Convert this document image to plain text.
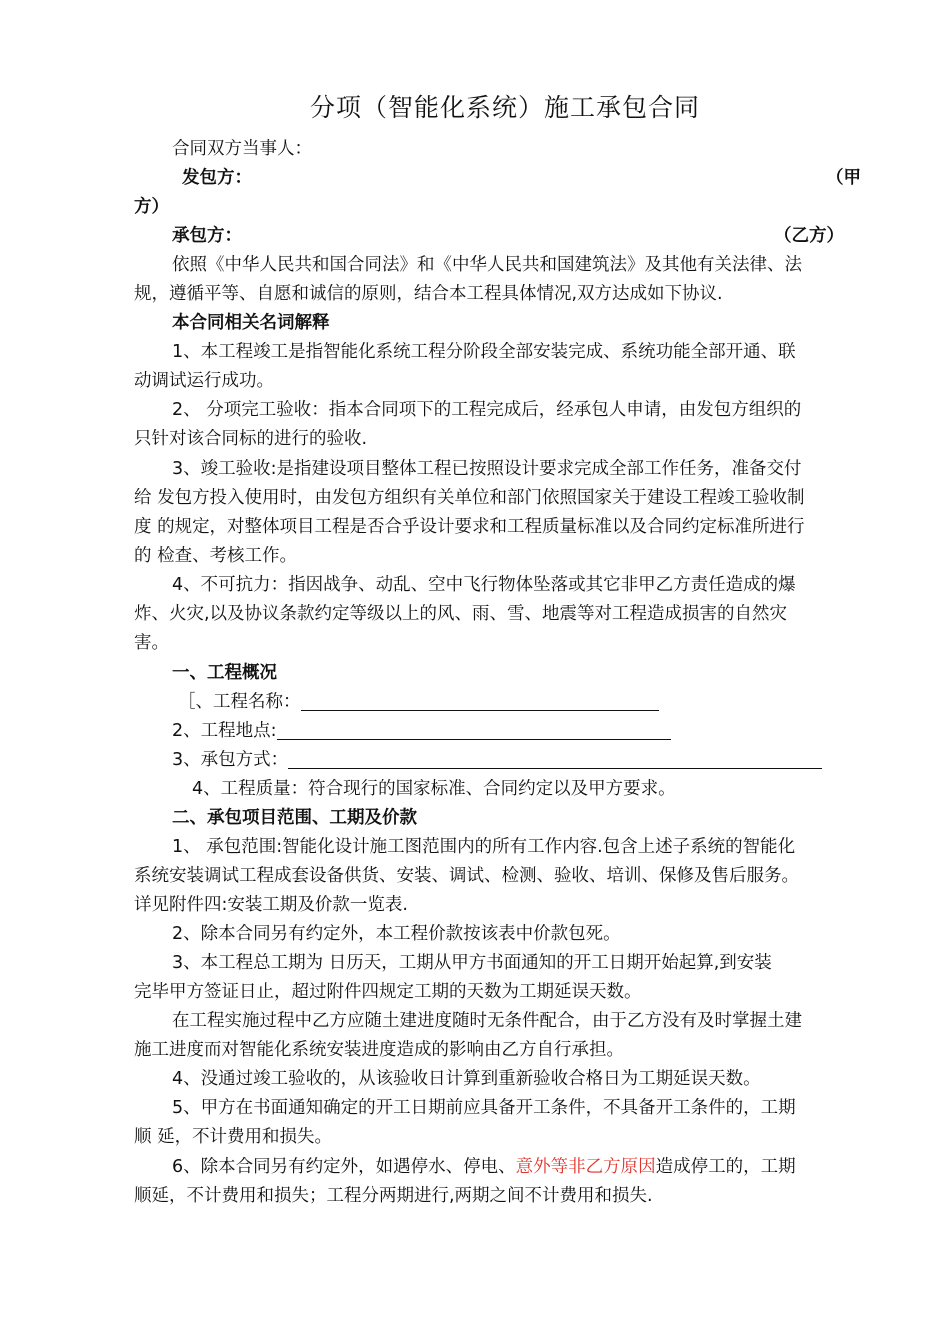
分项（智能化系统）施工承包合同
合同双方当事人：
发包方：	（甲
方）
承包方：	（乙方）
依照《中华人民共和国合同法》和《中华人民共和国建筑法》及其他有关法律、法
规，遵循平等、自愿和诚信的原则，结合本工程具体情况,双方达成如下协议.
本合同相关名词解释
1、本工程竣工是指智能化系统工程分阶段全部安装完成、系统功能全部开通、联
动调试运行成功。
2、 分项完工验收：指本合同项下的工程完成后，经承包人申请，由发包方组织的
只针对该合同标的进行的验收.
3、竣工验收:是指建设项目整体工程已按照设计要求完成全部工作任务，准备交付
给 发包方投入使用时，由发包方组织有关单位和部门依照国家关于建设工程竣工验收制
度 的规定，对整体项目工程是否合乎设计要求和工程质量标准以及合同约定标准所进行
的 检查、考核工作。
4、不可抗力：指因战争、动乱、空中飞行物体坠落或其它非甲乙方责任造成的爆
炸、火灾,以及协议条款约定等级以上的风、雨、雪、地震等对工程造成损害的自然灾
害。
一、工程概况
［、工程名称：
2、工程地点:
3、承包方式：
4、工程质量：符合现行的国家标准、合同约定以及甲方要求。
二、承包项目范围、工期及价款
1、 承包范围:智能化设计施工图范围内的所有工作内容.包含上述子系统的智能化
系统安装调试工程成套设备供货、安装、调试、检测、验收、培训、保修及售后服务。
详见附件四:安装工期及价款一览表.
2、除本合同另有约定外，本工程价款按该表中价款包死。
3、本工程总工期为 日历天，工期从甲方书面通知的开工日期开始起算,到安装
完毕甲方签证日止，超过附件四规定工期的天数为工期延误天数。
在工程实施过程中乙方应随土建进度随时无条件配合，由于乙方没有及时掌握土建
施工进度而对智能化系统安装进度造成的影响由乙方自行承担。
4、没通过竣工验收的，从该验收日计算到重新验收合格日为工期延误天数。
5、甲方在书面通知确定的开工日期前应具备开工条件，不具备开工条件的，工期
顺 延，不计费用和损失。
6、除本合同另有约定外，如遇停水、停电、意外等非乙方原因造成停工的，工期
顺延，不计费用和损失；工程分两期进行,两期之间不计费用和损失.
